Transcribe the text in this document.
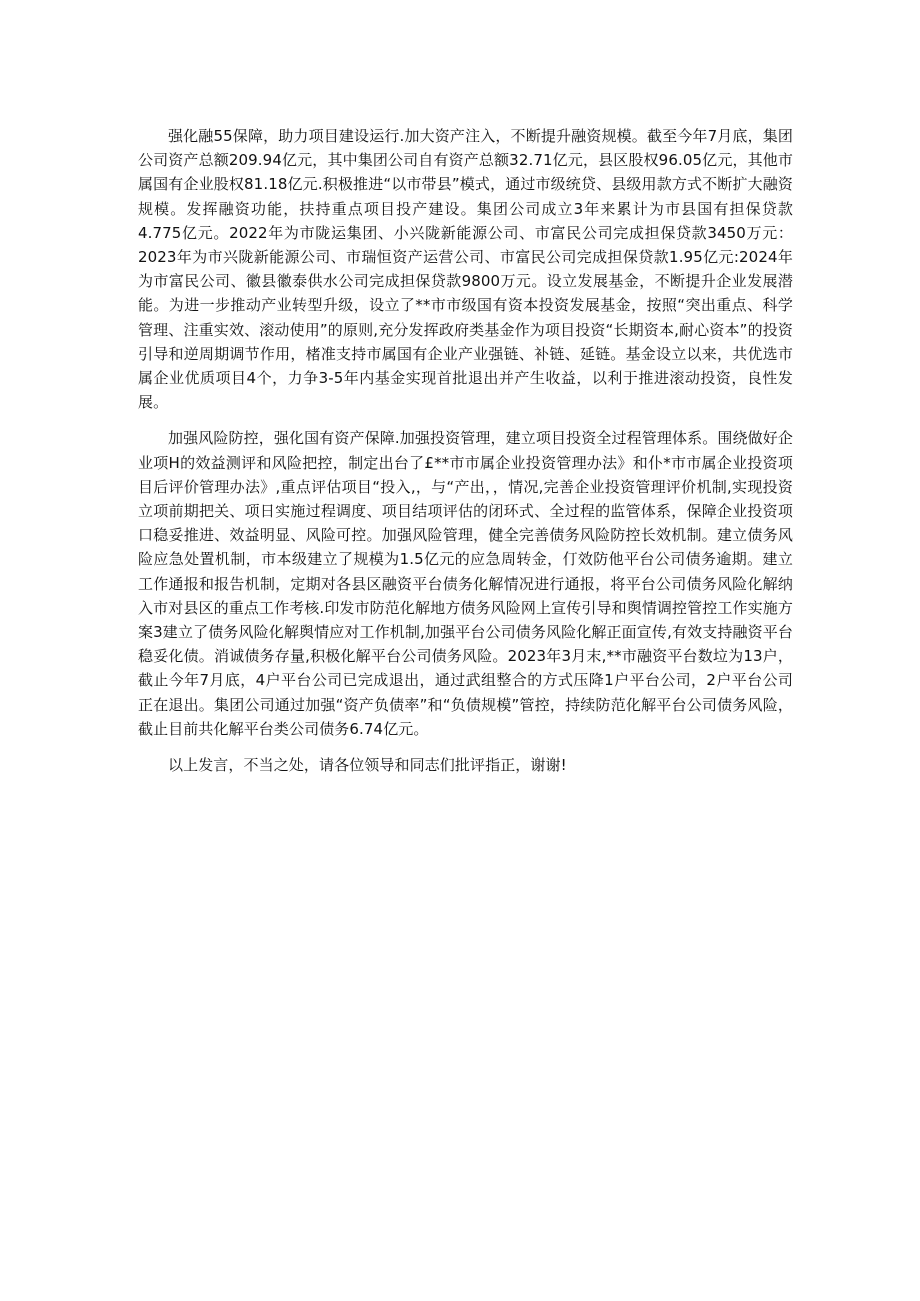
强化融55保障，助力项目建设运行.加大资产注入，不断提升融资规模。截至今年7月底，集团公司资产总额209.94亿元，其中集团公司自有资产总额32.71亿元，县区股权96.05亿元，其他市属国有企业股权81.18亿元.积极推进“以市带县”模式，通过市级统贷、县级用款方式不断扩大融资规模。发挥融资功能，扶持重点项目投产建设。集团公司成立3年来累计为市县国有担保贷款4.775亿元。2022年为市陇运集团、小兴陇新能源公司、市富民公司完成担保贷款3450万元：2023年为市兴陇新能源公司、市瑞恒资产运营公司、市富民公司完成担保贷款1.95亿元:2024年为市富民公司、徽县徽泰供水公司完成担保贷款9800万元。设立发展基金，不断提升企业发展潜能。为进一步推动产业转型升级，设立了**市市级国有资本投资发展基金，按照“突出重点、科学管理、注重实效、滚动使用”的原则,充分发挥政府类基金作为项目投资“长期资本,耐心资本”的投资引导和逆周期调节作用，楮准支持市属国有企业产业强链、补链、延链。基金设立以来，共优选市属企业优质项目4个，力争3-5年内基金实现首批退出并产生收益，以利于推进滚动投资，良性发展。

加强风险防控，强化国有资产保障.加强投资管理，建立项目投资全过程管理体系。围绕做好企业项H的效益测评和风险把控，制定出台了£**市市属企业投资管理办法》和仆*市市属企业投资项目后评价管理办法》,重点评估项目“投入,，与“产出，，情况,完善企业投资管理评价机制,实现投资立项前期把关、项日实施过程调度、项目结项评估的闭环式、全过程的监管体系，保障企业投资项口稳妥推进、效益明显、风险可控。加强风险管理，健全完善债务风险防控长效机制。建立债务风险应急处置机制，市本级建立了规模为1.5亿元的应急周转金，仃效防他平台公司债务逾期。建立工作通报和报告机制，定期对各县区融资平台债务化解情况进行通报，将平台公司债务风险化解纳入市对县区的重点工作考核.印发市防范化解地方债务风险网上宣传引导和舆情调控管控工作实施方案3建立了债务风险化解舆情应对工作机制,加强平台公司债务风险化解正面宣传,有效支持融资平台稳妥化债。消诚债务存量,积极化解平台公司债务风险。2023年3月末,**市融资平台数垃为13户，截止今年7月底，4户平台公司已完成退出，通过武组整合的方式压降1户平台公司，2户平台公司正在退出。集团公司通过加强“资产负债率”和“负债规模”管控，持续防范化解平台公司债务风险，截止目前共化解平台类公司债务6.74亿元。

以上发言，不当之处，请各位领导和同志们批评指正，谢谢!
